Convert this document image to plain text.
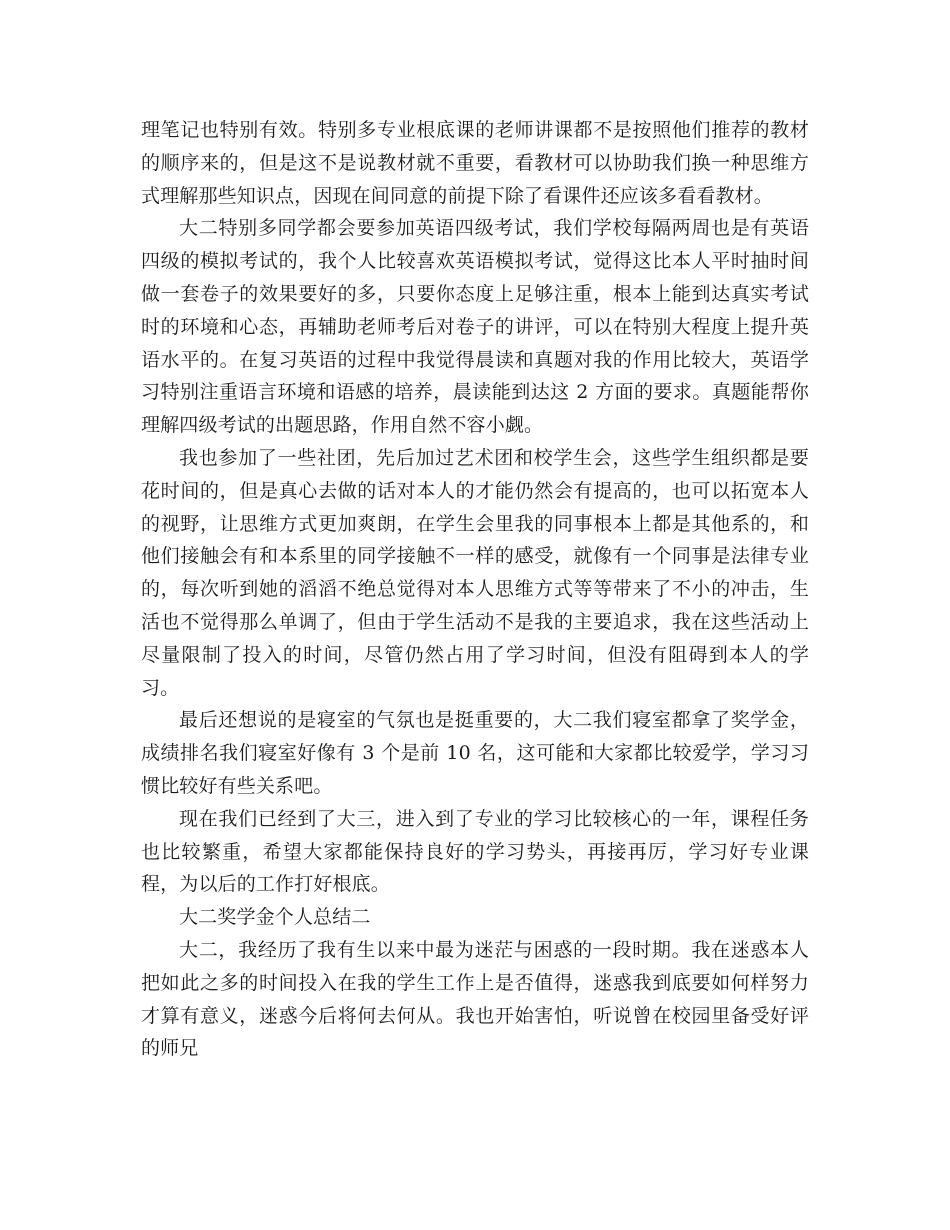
理笔记也特别有效。特别多专业根底课的老师讲课都不是按照他们推荐的教材的顺序来的，但是这不是说教材就不重要，看教材可以协助我们换一种思维方式理解那些知识点，因现在间同意的前提下除了看课件还应该多看看教材。

大二特别多同学都会要参加英语四级考试，我们学校每隔两周也是有英语四级的模拟考试的，我个人比较喜欢英语模拟考试，觉得这比本人平时抽时间做一套卷子的效果要好的多，只要你态度上足够注重，根本上能到达真实考试时的环境和心态，再辅助老师考后对卷子的讲评，可以在特别大程度上提升英语水平的。在复习英语的过程中我觉得晨读和真题对我的作用比较大，英语学习特别注重语言环境和语感的培养，晨读能到达这 2 方面的要求。真题能帮你理解四级考试的出题思路，作用自然不容小觑。

我也参加了一些社团，先后加过艺术团和校学生会，这些学生组织都是要花时间的，但是真心去做的话对本人的才能仍然会有提高的，也可以拓宽本人的视野，让思维方式更加爽朗，在学生会里我的同事根本上都是其他系的，和他们接触会有和本系里的同学接触不一样的感受，就像有一个同事是法律专业的，每次听到她的滔滔不绝总觉得对本人思维方式等等带来了不小的冲击，生活也不觉得那么单调了，但由于学生活动不是我的主要追求，我在这些活动上尽量限制了投入的时间，尽管仍然占用了学习时间，但没有阻碍到本人的学习。

最后还想说的是寝室的气氛也是挺重要的，大二我们寝室都拿了奖学金，成绩排名我们寝室好像有 3 个是前 10 名，这可能和大家都比较爱学，学习习惯比较好有些关系吧。

现在我们已经到了大三，进入到了专业的学习比较核心的一年，课程任务也比较繁重，希望大家都能保持良好的学习势头，再接再厉，学习好专业课程，为以后的工作打好根底。

大二奖学金个人总结二

大二，我经历了我有生以来中最为迷茫与困惑的一段时期。我在迷惑本人把如此之多的时间投入在我的学生工作上是否值得，迷惑我到底要如何样努力才算有意义，迷惑今后将何去何从。我也开始害怕，听说曾在校园里备受好评的师兄
